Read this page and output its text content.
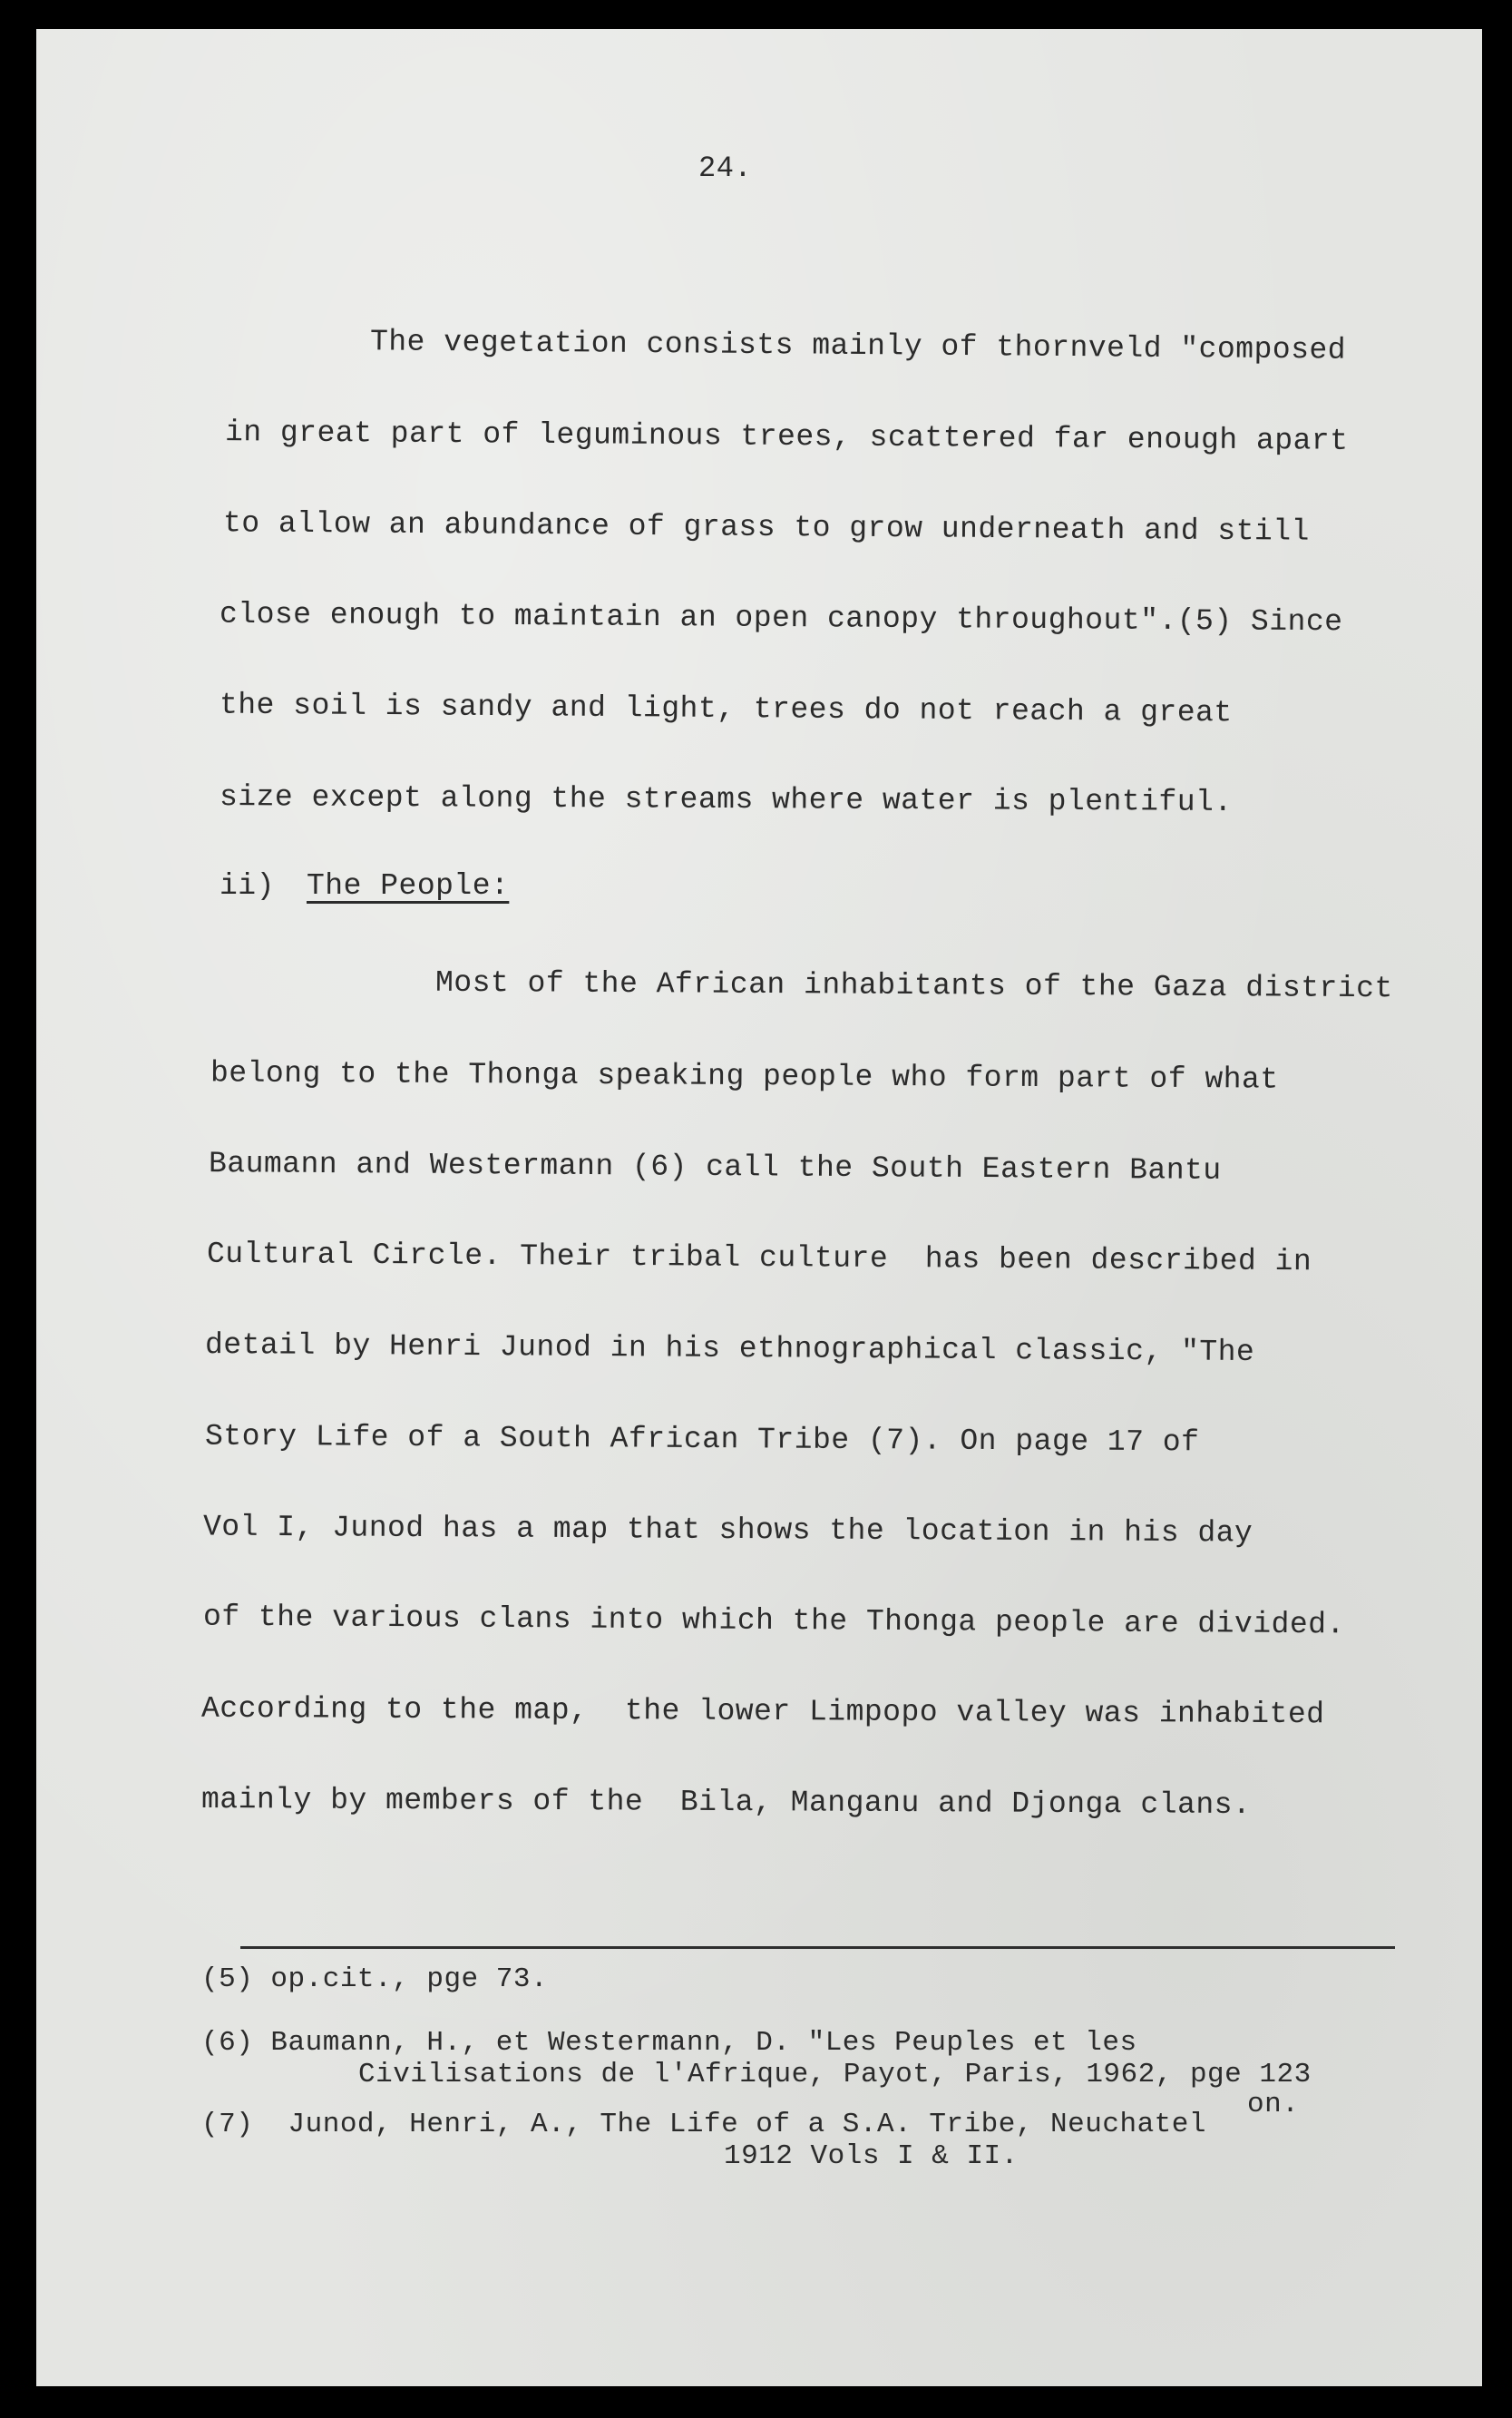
24.
The vegetation consists mainly of thornveld "composed
in great part of leguminous trees, scattered far enough apart
to allow an abundance of grass to grow underneath and still
close enough to maintain an open canopy throughout".(5) Since
the soil is sandy and light, trees do not reach a great
size except along the streams where water is plentiful.
ii) The People:
Most of the African inhabitants of the Gaza district
belong to the Thonga speaking people who form part of what
Baumann and Westermann (6) call the South Eastern Bantu
Cultural Circle. Their tribal culture  has been described in
detail by Henri Junod in his ethnographical classic, "The
Story Life of a South African Tribe (7). On page 17 of
Vol I, Junod has a map that shows the location in his day
of the various clans into which the Thonga people are divided.
According to the map,  the lower Limpopo valley was inhabited
mainly by members of the  Bila, Manganu and Djonga clans.
(5) op.cit., pge 73.
(6) Baumann, H., et Westermann, D. "Les Peuples et les
Civilisations de l'Afrique, Payot, Paris, 1962, pge 123
on.
(7)  Junod, Henri, A., The Life of a S.A. Tribe, Neuchatel
1912 Vols I & II.
